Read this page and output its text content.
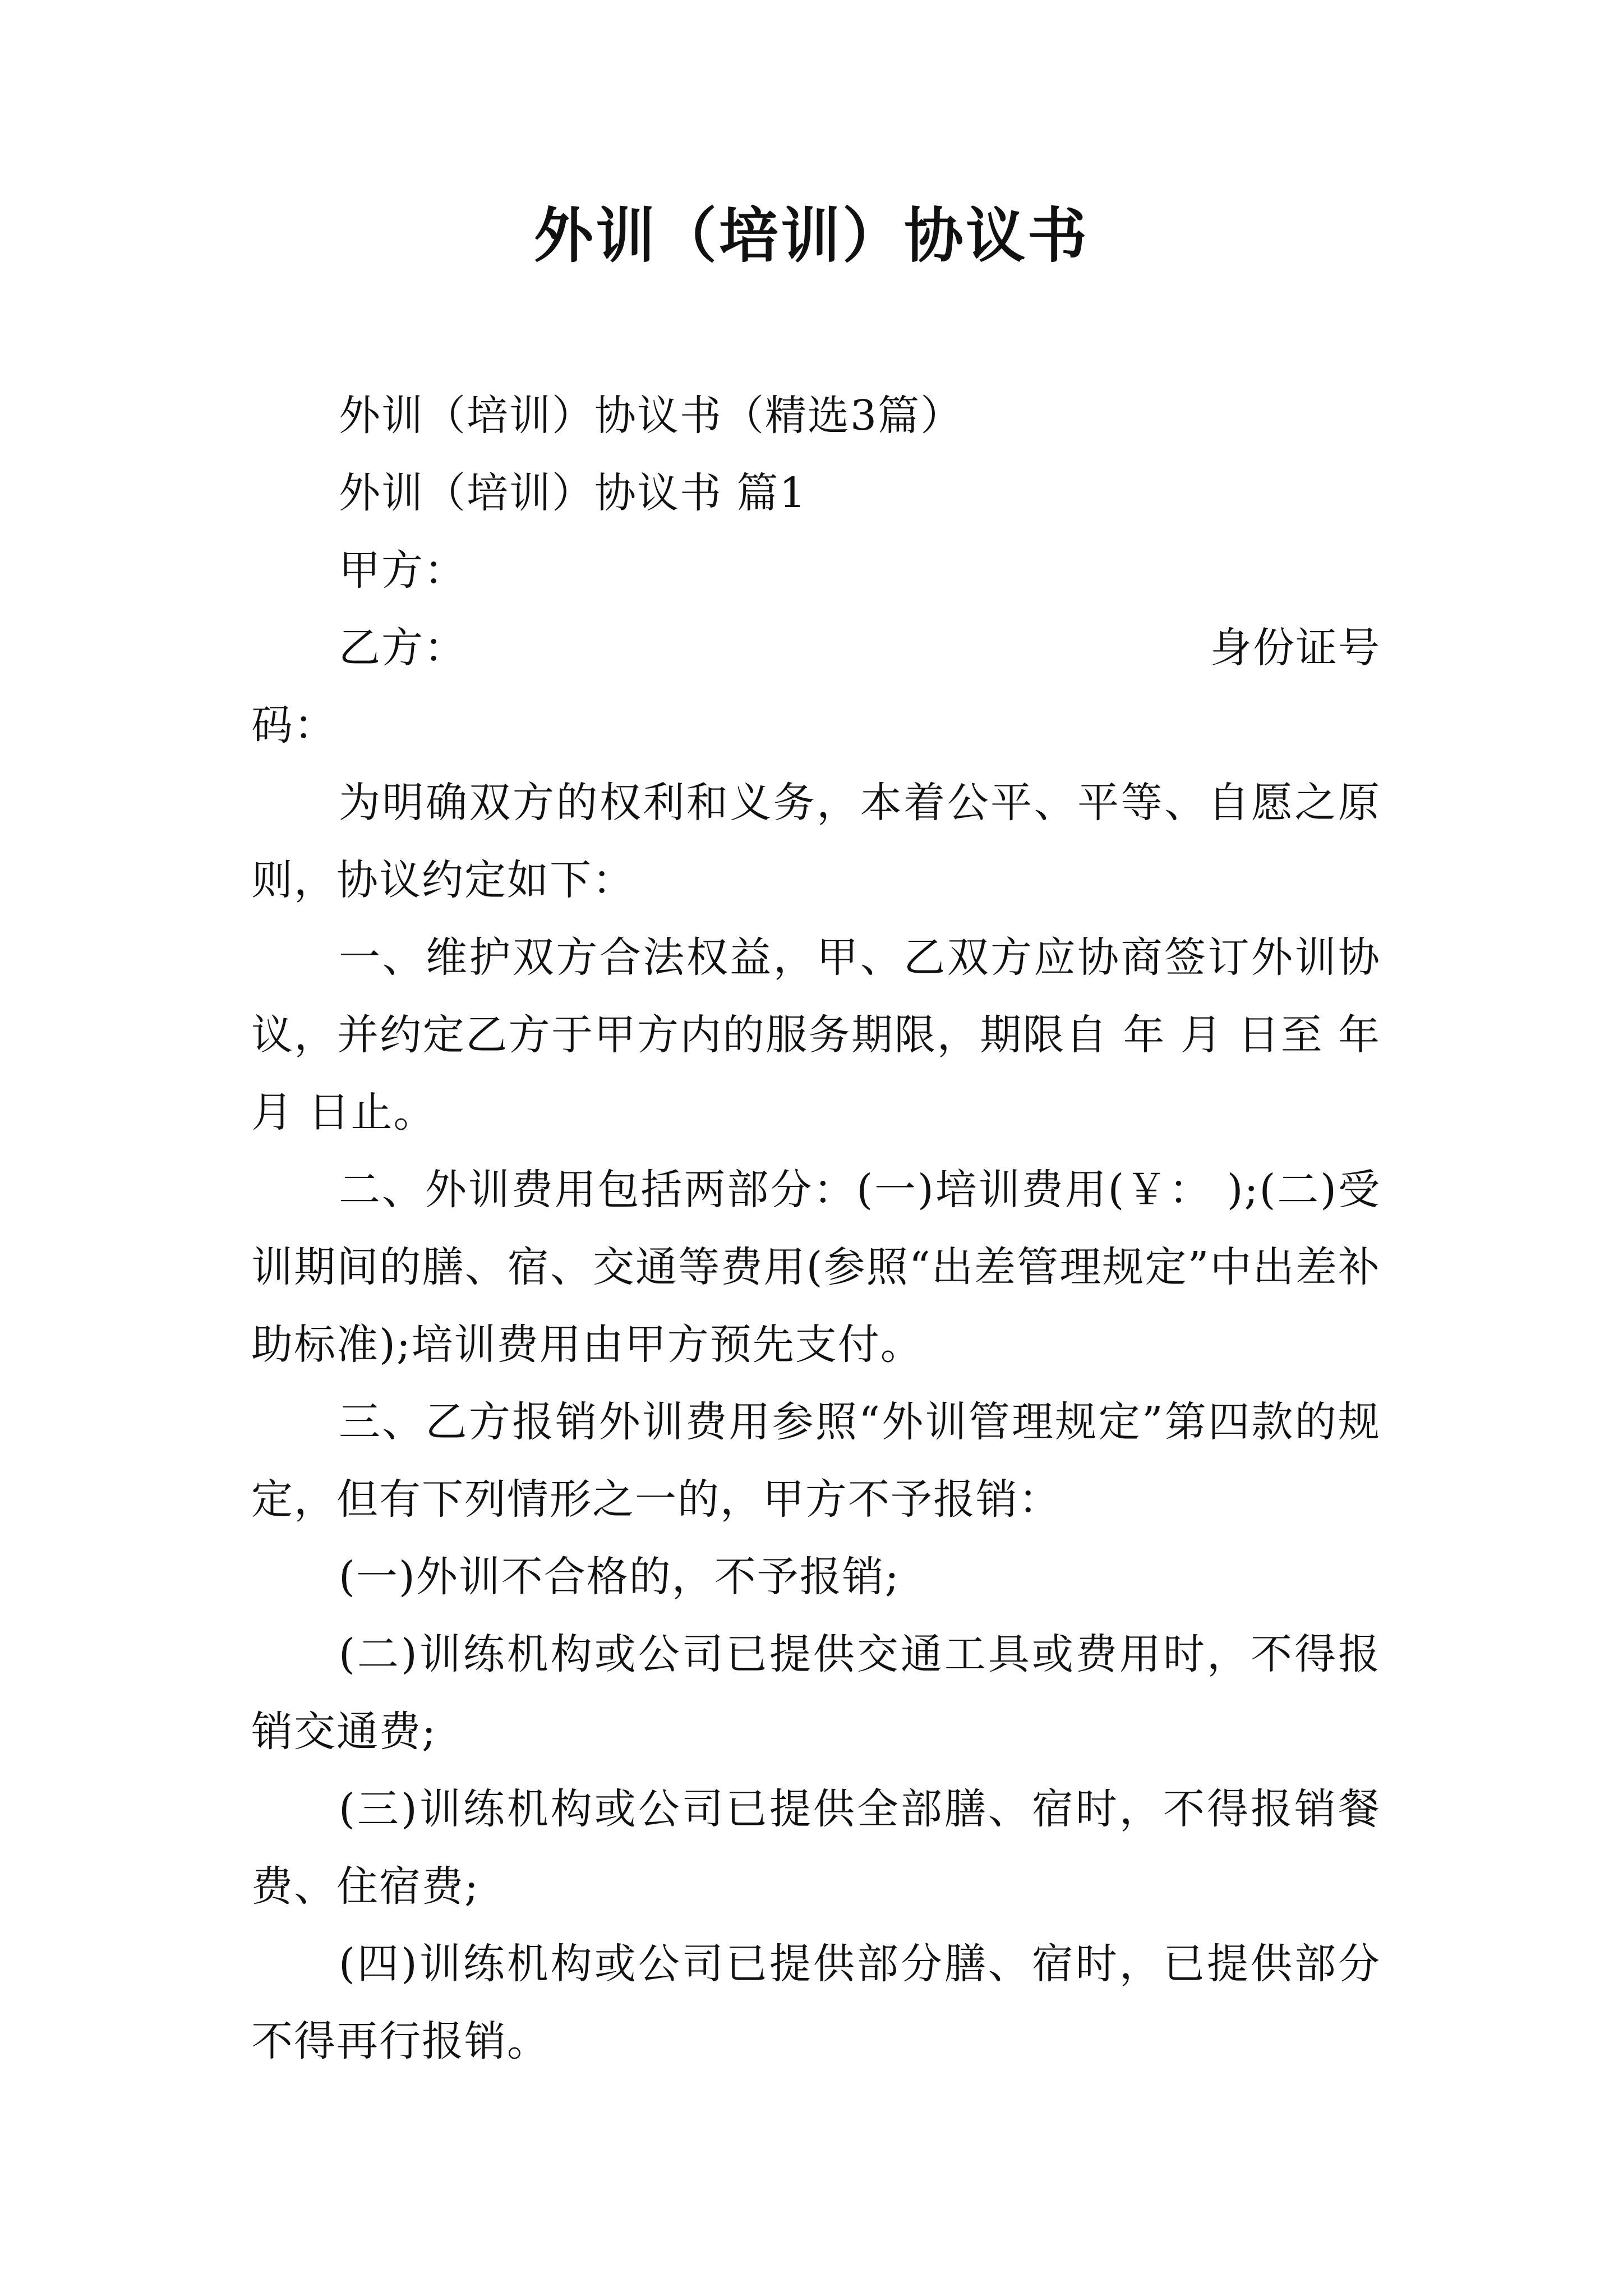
外训（培训）协议书

外训（培训）协议书（精选3篇）

外训（培训）协议书 篇1

甲方：

乙方：	身份证号
码：

为明确双方的权利和义务，本着公平、平等、自愿之原则，协议约定如下：

一、维护双方合法权益，甲、乙双方应协商签订外训协议，并约定乙方于甲方内的服务期限，期限自 年 月 日至 年 月 日止。

二、外训费用包括两部分：(一)培训费用(￥： );(二)受训期间的膳、宿、交通等费用(参照“出差管理规定”中出差补助标准);培训费用由甲方预先支付。

三、乙方报销外训费用参照“外训管理规定”第四款的规定，但有下列情形之一的，甲方不予报销：

(一)外训不合格的，不予报销;

(二)训练机构或公司已提供交通工具或费用时，不得报销交通费;

(三)训练机构或公司已提供全部膳、宿时，不得报销餐费、住宿费;

(四)训练机构或公司已提供部分膳、宿时，已提供部分不得再行报销。
